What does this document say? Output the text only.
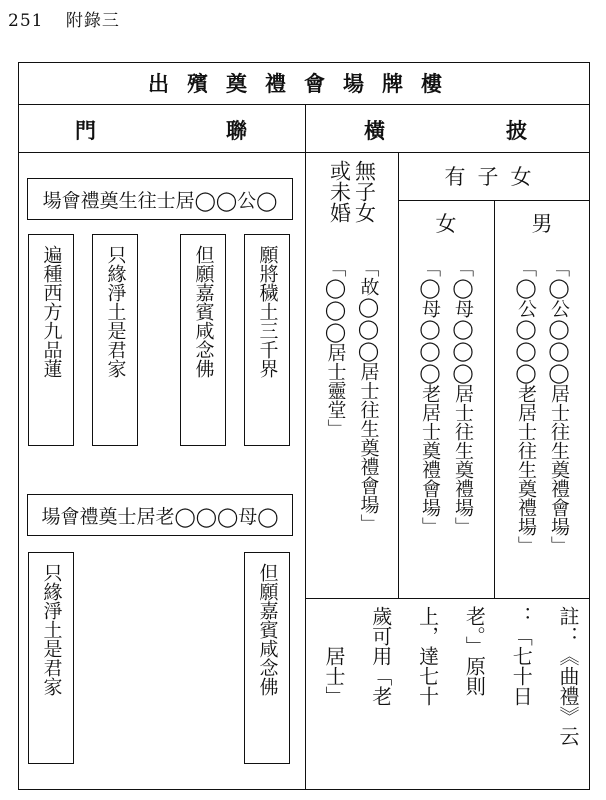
251 附錄三
出殯奠禮會場牌樓
門	聯	橫	披
場會禮奠生往士居◯◯公◯
遍種西方九品蓮 只緣淨土是君家	但願嘉賓咸念佛 願將穢土三千界
場會禮奠士居老◯◯◯母◯
只緣淨土是君家	但願嘉賓咸念佛
無子女
或未婚	有子女
女	男
「故◯◯◯居士往生奠禮會場」
「◯◯◯居士靈堂」	「◯母◯◯◯居士往生奠禮場」
「◯母◯◯◯老居士奠禮會場」	「◯公◯◯◯居士往生奠禮會場」
「◯公◯◯◯老居士往生奠禮場」
註：《曲禮》云
：「七十日
老。」原則
上，達七十
歲可用「老
居士」
